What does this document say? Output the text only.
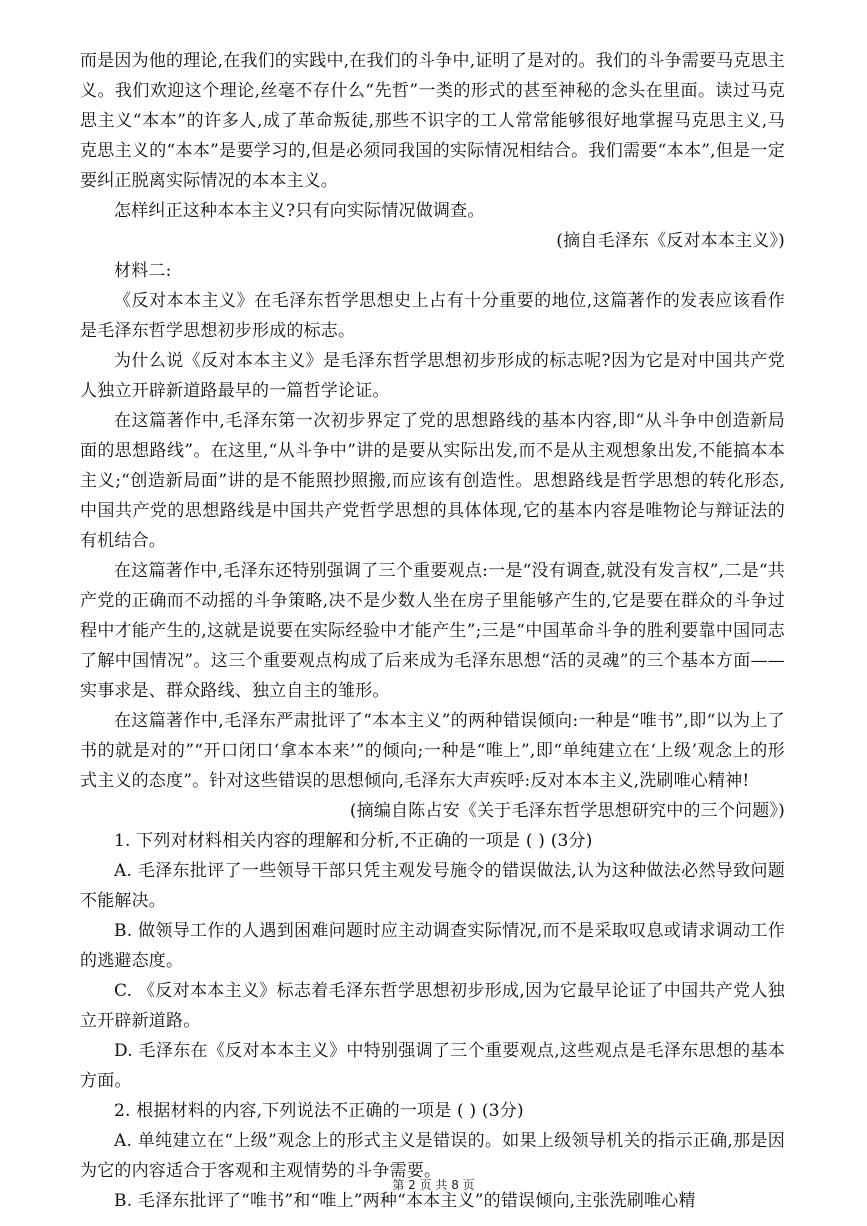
而是因为他的理论,在我们的实践中,在我们的斗争中,证明了是对的。我们的斗争需要马克思主义。我们欢迎这个理论,丝毫不存什么“先哲”一类的形式的甚至神秘的念头在里面。读过马克思主义“本本”的许多人,成了革命叛徒,那些不识字的工人常常能够很好地掌握马克思主义,马克思主义的“本本”是要学习的,但是必须同我国的实际情况相结合。我们需要“本本”,但是一定要纠正脱离实际情况的本本主义。

怎样纠正这种本本主义?只有向实际情况做调查。

(摘自毛泽东《反对本本主义》)

材料二:

《反对本本主义》在毛泽东哲学思想史上占有十分重要的地位,这篇著作的发表应该看作是毛泽东哲学思想初步形成的标志。

为什么说《反对本本主义》是毛泽东哲学思想初步形成的标志呢?因为它是对中国共产党人独立开辟新道路最早的一篇哲学论证。

在这篇著作中,毛泽东第一次初步界定了党的思想路线的基本内容,即“从斗争中创造新局面的思想路线”。在这里,“从斗争中”讲的是要从实际出发,而不是从主观想象出发,不能搞本本主义;“创造新局面”讲的是不能照抄照搬,而应该有创造性。思想路线是哲学思想的转化形态,中国共产党的思想路线是中国共产党哲学思想的具体体现,它的基本内容是唯物论与辩证法的有机结合。

在这篇著作中,毛泽东还特别强调了三个重要观点:一是“没有调查,就没有发言权”,二是“共产党的正确而不动摇的斗争策略,决不是少数人坐在房子里能够产生的,它是要在群众的斗争过程中才能产生的,这就是说要在实际经验中才能产生”;三是“中国革命斗争的胜利要靠中国同志了解中国情况”。这三个重要观点构成了后来成为毛泽东思想“活的灵魂”的三个基本方面——实事求是、群众路线、独立自主的雏形。

在这篇著作中,毛泽东严肃批评了“本本主义”的两种错误倾向:一种是“唯书”,即“以为上了书的就是对的”“开口闭口‘拿本本来’”的倾向;一种是“唯上”,即“单纯建立在‘上级’观念上的形式主义的态度”。针对这些错误的思想倾向,毛泽东大声疾呼:反对本本主义,洗刷唯心精神!

(摘编自陈占安《关于毛泽东哲学思想研究中的三个问题》)

1. 下列对材料相关内容的理解和分析,不正确的一项是 ( ) (3分)

A. 毛泽东批评了一些领导干部只凭主观发号施令的错误做法,认为这种做法必然导致问题不能解决。

B. 做领导工作的人遇到困难问题时应主动调查实际情况,而不是采取叹息或请求调动工作的逃避态度。

C. 《反对本本主义》标志着毛泽东哲学思想初步形成,因为它最早论证了中国共产党人独立开辟新道路。

D. 毛泽东在《反对本本主义》中特别强调了三个重要观点,这些观点是毛泽东思想的基本方面。

2. 根据材料的内容,下列说法不正确的一项是 ( ) (3分)

A. 单纯建立在“上级”观念上的形式主义是错误的。如果上级领导机关的指示正确,那是因为它的内容适合于客观和主观情势的斗争需要。

B. 毛泽东批评了“唯书”和“唯上”两种“本本主义”的错误倾向,主张洗刷唯心精

第 2 页 共 8 页
